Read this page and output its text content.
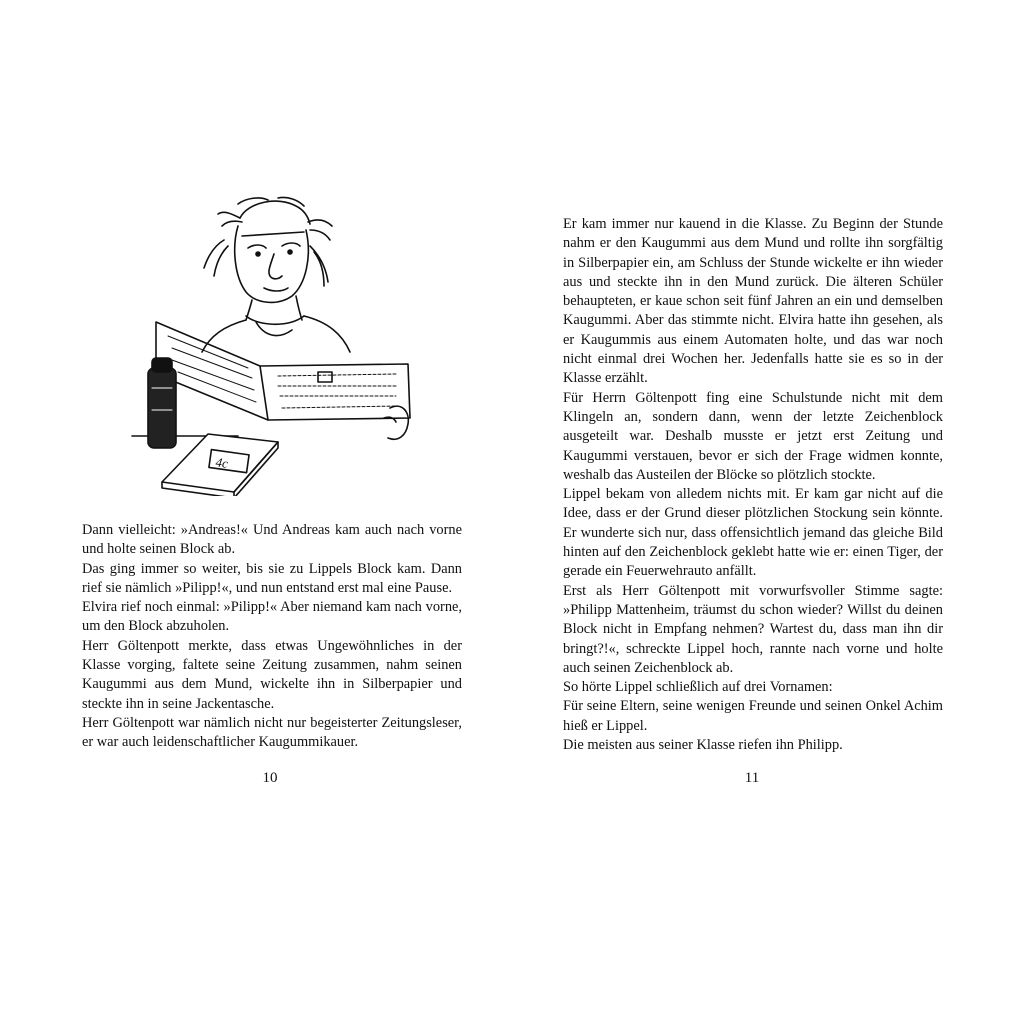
4c

Dann vielleicht: »Andreas!« Und Andreas kam auch nach vorne und holte seinen Block ab.

Das ging immer so weiter, bis sie zu Lippels Block kam. Dann rief sie nämlich »Pilipp!«, und nun entstand erst mal eine Pause.

Elvira rief noch einmal: »Pilipp!« Aber niemand kam nach vorne, um den Block abzuholen.

Herr Göltenpott merkte, dass etwas Ungewöhnliches in der Klasse vorging, faltete seine Zeitung zusammen, nahm seinen Kaugummi aus dem Mund, wickelte ihn in Silberpapier und steckte ihn in seine Jackentasche.

Herr Göltenpott war nämlich nicht nur begeisterter Zeitungsleser, er war auch leidenschaftlicher Kaugummikauer.

10

Er kam immer nur kauend in die Klasse. Zu Beginn der Stunde nahm er den Kaugummi aus dem Mund und rollte ihn sorgfältig in Silberpapier ein, am Schluss der Stunde wickelte er ihn wieder aus und steckte ihn in den Mund zurück. Die älteren Schüler behaupteten, er kaue schon seit fünf Jahren an ein und demselben Kaugummi. Aber das stimmte nicht. Elvira hatte ihn gesehen, als er Kaugummis aus einem Automaten holte, und das war noch nicht einmal drei Wochen her. Jedenfalls hatte sie es so in der Klasse erzählt.

Für Herrn Göltenpott fing eine Schulstunde nicht mit dem Klingeln an, sondern dann, wenn der letzte Zeichenblock ausgeteilt war. Deshalb musste er jetzt erst Zeitung und Kaugummi verstauen, bevor er sich der Frage widmen konnte, weshalb das Austeilen der Blöcke so plötzlich stockte.

Lippel bekam von alledem nichts mit. Er kam gar nicht auf die Idee, dass er der Grund dieser plötzlichen Stockung sein könnte. Er wunderte sich nur, dass offensichtlich jemand das gleiche Bild hinten auf den Zeichenblock geklebt hatte wie er: einen Tiger, der gerade ein Feuerwehrauto anfällt.

Erst als Herr Göltenpott mit vorwurfsvoller Stimme sagte: »Philipp Mattenheim, träumst du schon wieder? Willst du deinen Block nicht in Empfang nehmen? Wartest du, dass man ihn dir bringt?!«, schreckte Lippel hoch, rannte nach vorne und holte auch seinen Zeichenblock ab.

So hörte Lippel schließlich auf drei Vornamen:

Für seine Eltern, seine wenigen Freunde und seinen Onkel Achim hieß er Lippel.

Die meisten aus seiner Klasse riefen ihn Philipp.

11
